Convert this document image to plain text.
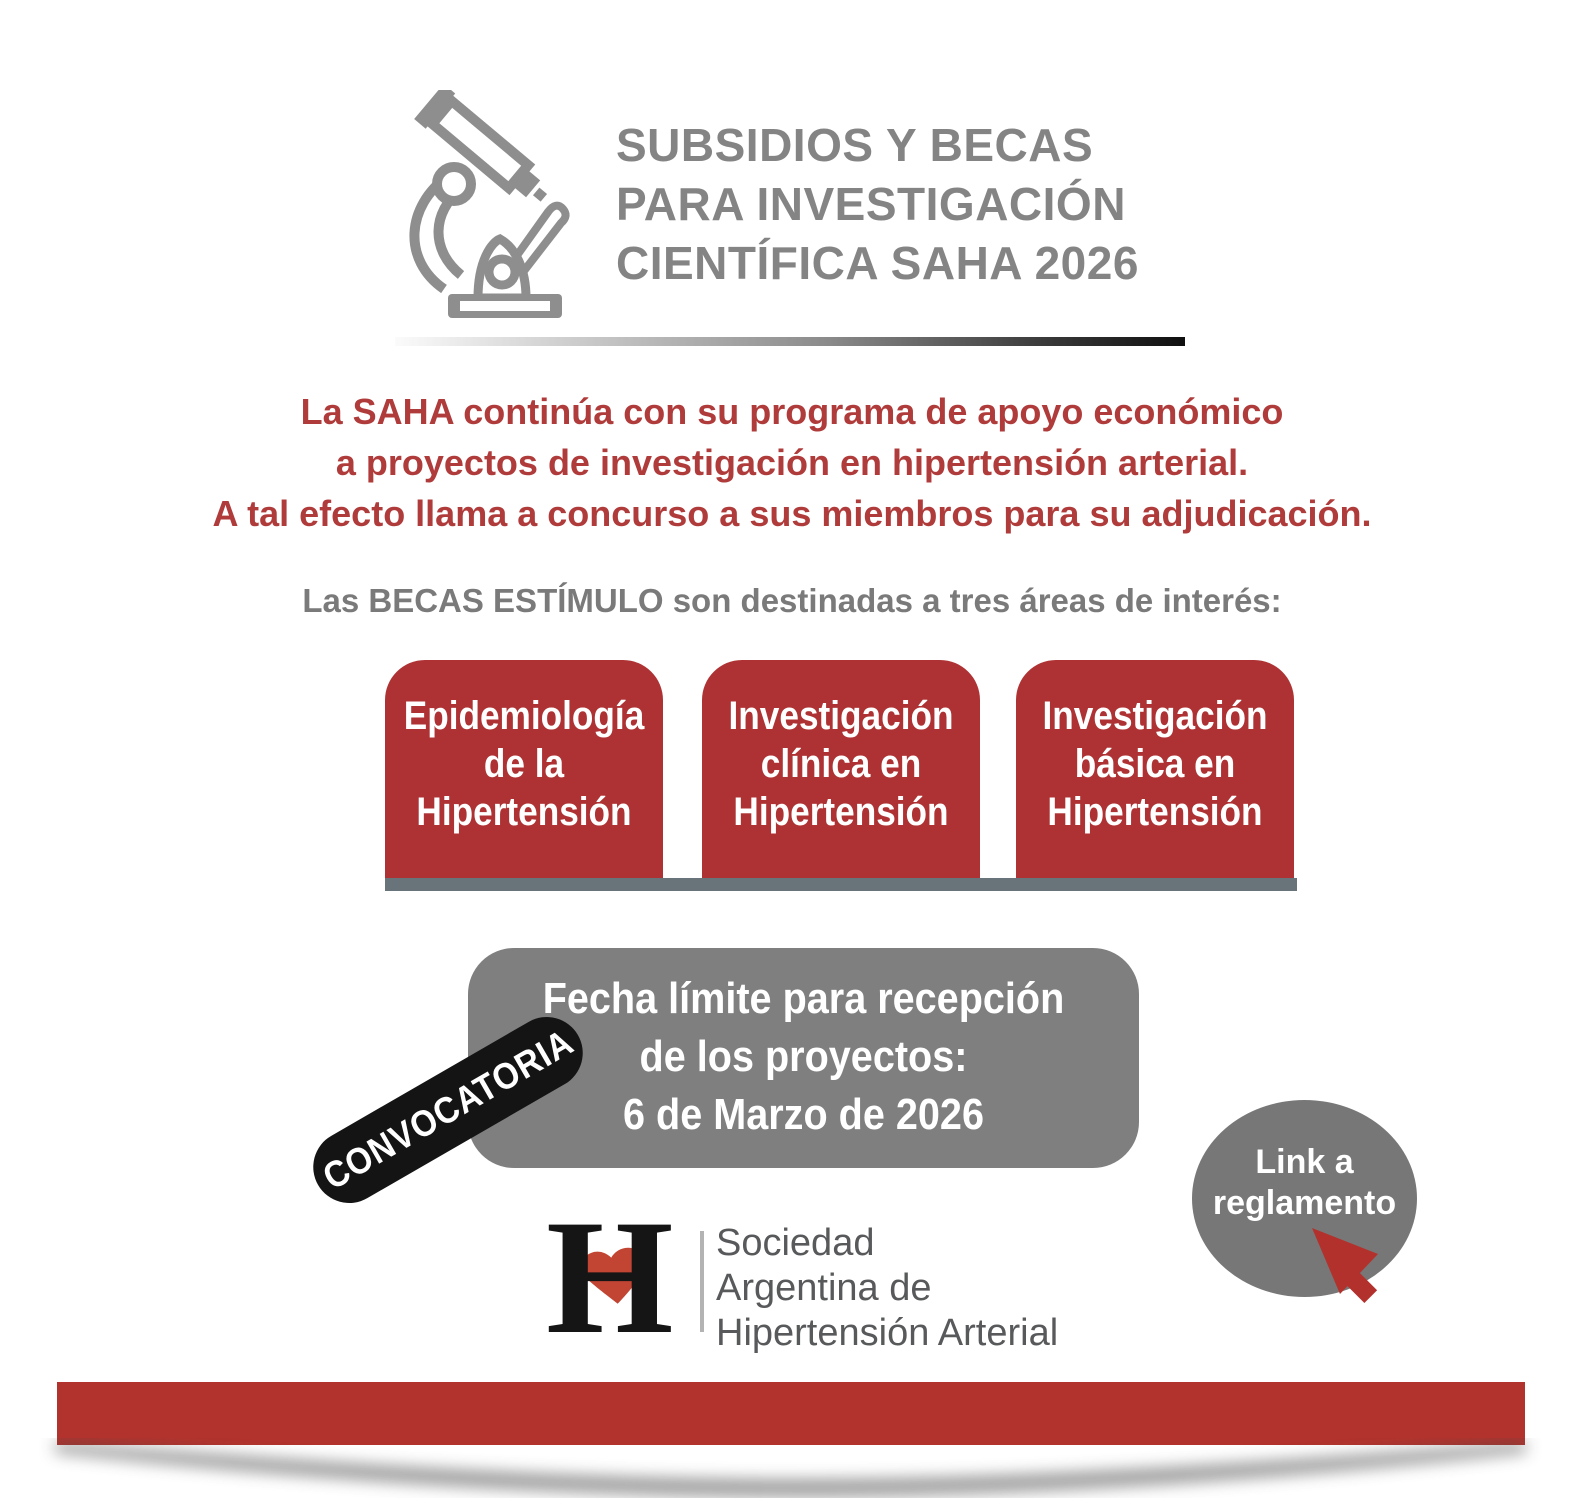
SUBSIDIOS Y BECAS
PARA INVESTIGACIÓN
CIENTÍFICA SAHA 2026
La SAHA continúa con su programa de apoyo económico
a proyectos de investigación en hipertensión arterial.
A tal efecto llama a concurso a sus miembros para su adjudicación.
Las BECAS ESTÍMULO son destinadas a tres áreas de interés:
Epidemiología
de la
Hipertensión
Investigación
clínica en
Hipertensión
Investigación
básica en
Hipertensión
Fecha límite para recepción
de los proyectos:
6 de Marzo de 2026
CONVOCATORIA	Link a
reglamento
H	Sociedad
Argentina de
Hipertensión Arterial
